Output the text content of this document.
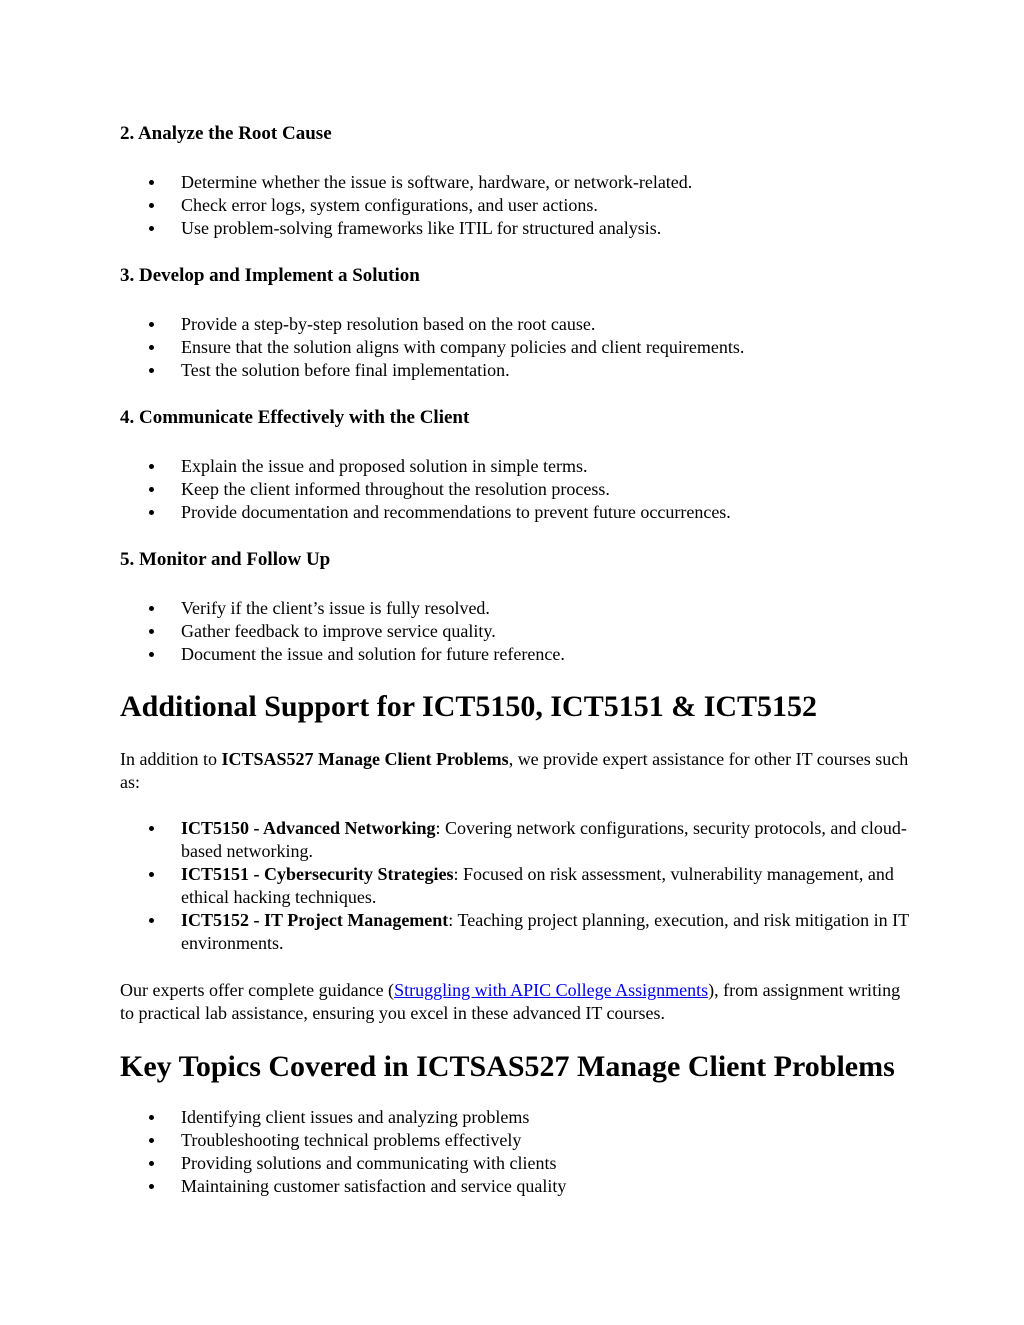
2. Analyze the Root Cause
Determine whether the issue is software, hardware, or network-related.
Check error logs, system configurations, and user actions.
Use problem-solving frameworks like ITIL for structured analysis.
3. Develop and Implement a Solution
Provide a step-by-step resolution based on the root cause.
Ensure that the solution aligns with company policies and client requirements.
Test the solution before final implementation.
4. Communicate Effectively with the Client
Explain the issue and proposed solution in simple terms.
Keep the client informed throughout the resolution process.
Provide documentation and recommendations to prevent future occurrences.
5. Monitor and Follow Up
Verify if the client’s issue is fully resolved.
Gather feedback to improve service quality.
Document the issue and solution for future reference.
Additional Support for ICT5150, ICT5151 & ICT5152

In addition to ICTSAS527 Manage Client Problems, we provide expert assistance for other IT courses such as:

ICT5150 - Advanced Networking: Covering network configurations, security protocols, and cloud-based networking.
ICT5151 - Cybersecurity Strategies: Focused on risk assessment, vulnerability management, and ethical hacking techniques.
ICT5152 - IT Project Management: Teaching project planning, execution, and risk mitigation in IT environments.

Our experts offer complete guidance (Struggling with APIC College Assignments), from assignment writing to practical lab assistance, ensuring you excel in these advanced IT courses.

Key Topics Covered in ICTSAS527 Manage Client Problems
Identifying client issues and analyzing problems
Troubleshooting technical problems effectively
Providing solutions and communicating with clients
Maintaining customer satisfaction and service quality
